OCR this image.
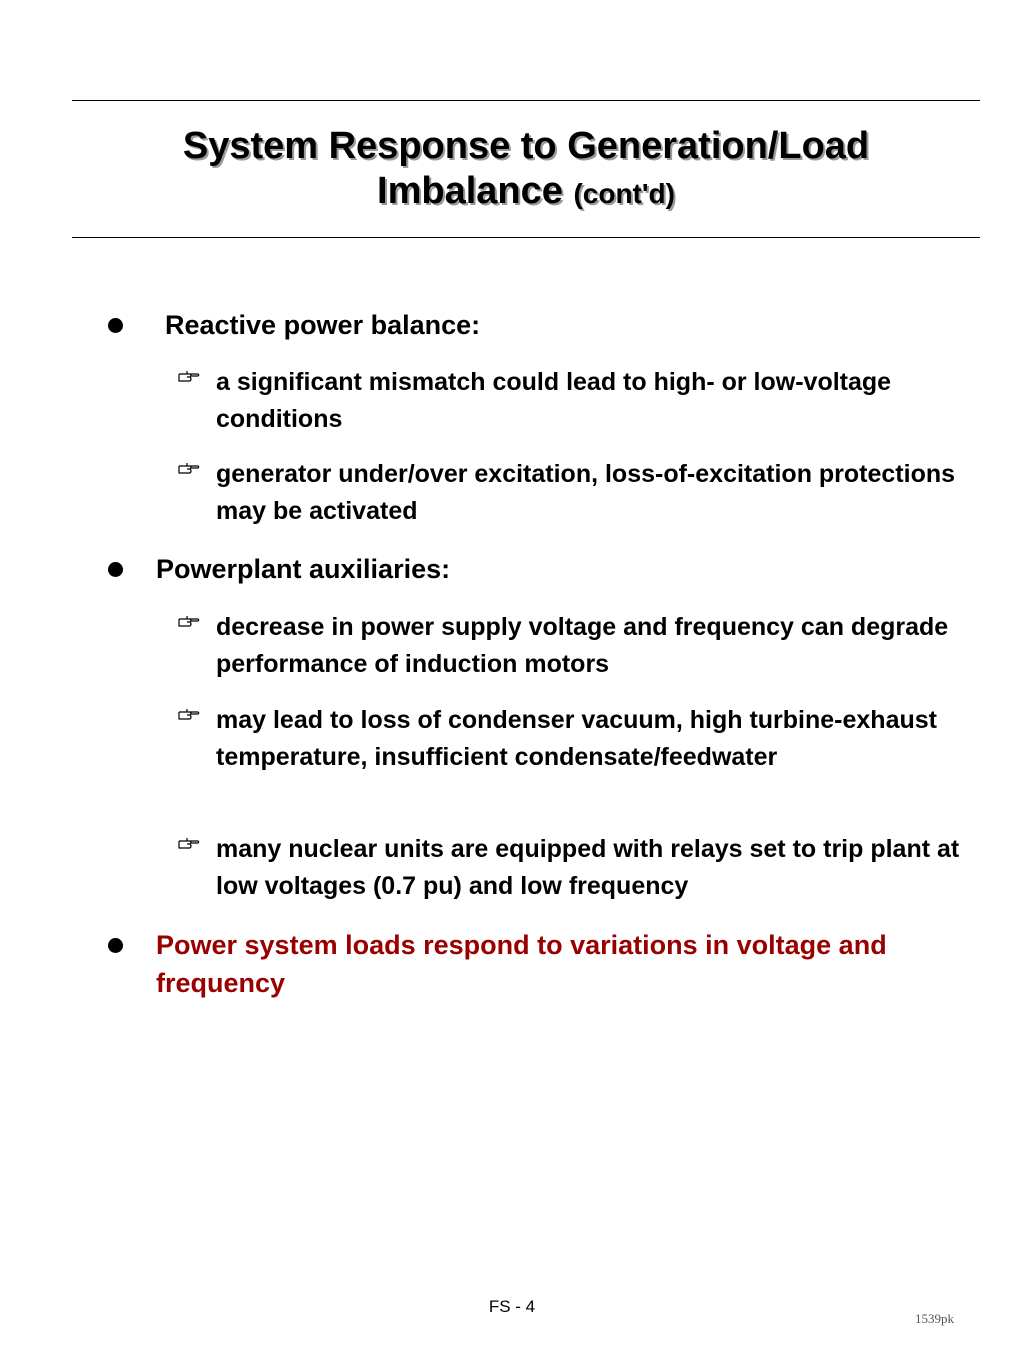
System Response to Generation/Load
Imbalance (cont'd)
Reactive power balance:
a significant mismatch could lead to high- or low-voltage conditions
generator under/over excitation, loss-of-excitation protections may be activated
Powerplant auxiliaries:
decrease in power supply voltage and frequency can degrade performance of induction motors
may lead to loss of condenser vacuum, high turbine-exhaust temperature, insufficient condensate/feedwater
many nuclear units are equipped with relays set to trip plant at low voltages (0.7 pu) and low frequency
Power system loads respond to variations in voltage and frequency
FS - 4
1539pk
